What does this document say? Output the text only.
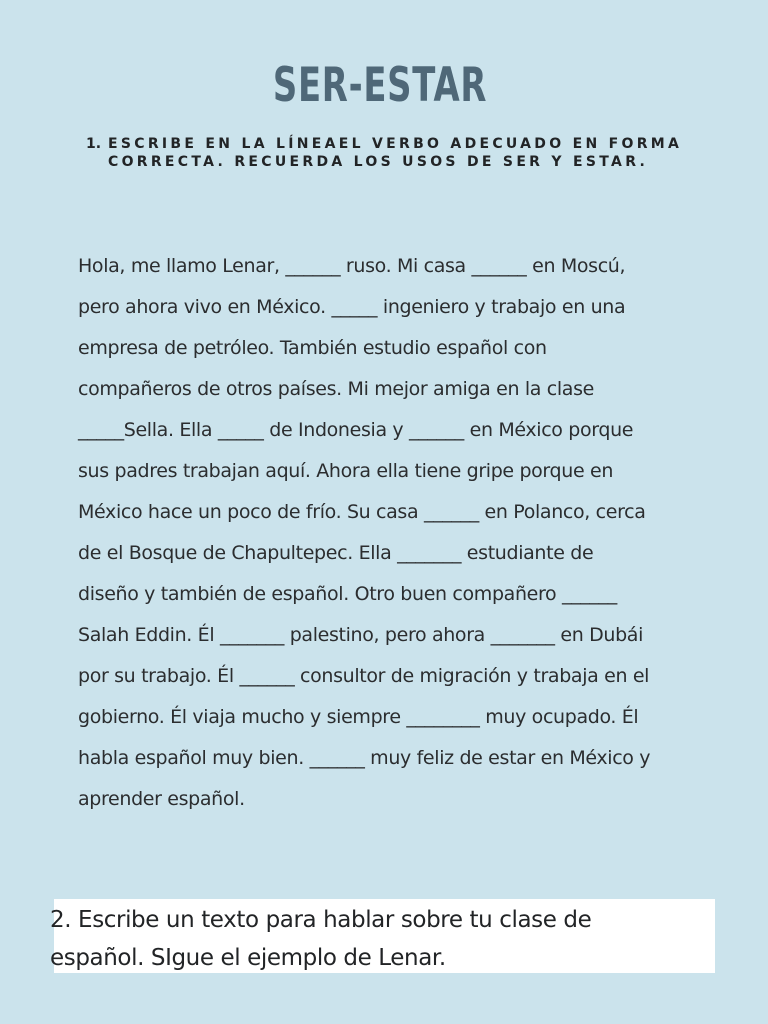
SER-ESTAR
1. ESCRIBE EN LA LÍNEAEL VERBO ADECUADO EN FORMA CORRECTA. RECUERDA LOS USOS DE SER Y ESTAR.
Hola, me llamo Lenar, ______ ruso. Mi casa ______ en Moscú,
pero ahora vivo en México. _____ ingeniero y trabajo en una
empresa de petróleo. También estudio español con
compañeros de otros países. Mi mejor amiga en la clase
_____Sella. Ella _____ de Indonesia y ______ en México porque
sus padres trabajan aquí. Ahora ella tiene gripe porque en
México hace un poco de frío. Su casa ______ en Polanco, cerca
de el Bosque de Chapultepec. Ella _______ estudiante de
diseño y también de español. Otro buen compañero ______
Salah Eddin. Él _______ palestino, pero ahora _______ en Dubái
por su trabajo. Él ______ consultor de migración y trabaja en el
gobierno. Él viaja mucho y siempre ________ muy ocupado. Él
habla español muy bien. ______ muy feliz de estar en México y
aprender español.

2. Escribe un texto para hablar sobre tu clase de
español. SIgue el ejemplo de Lenar.
